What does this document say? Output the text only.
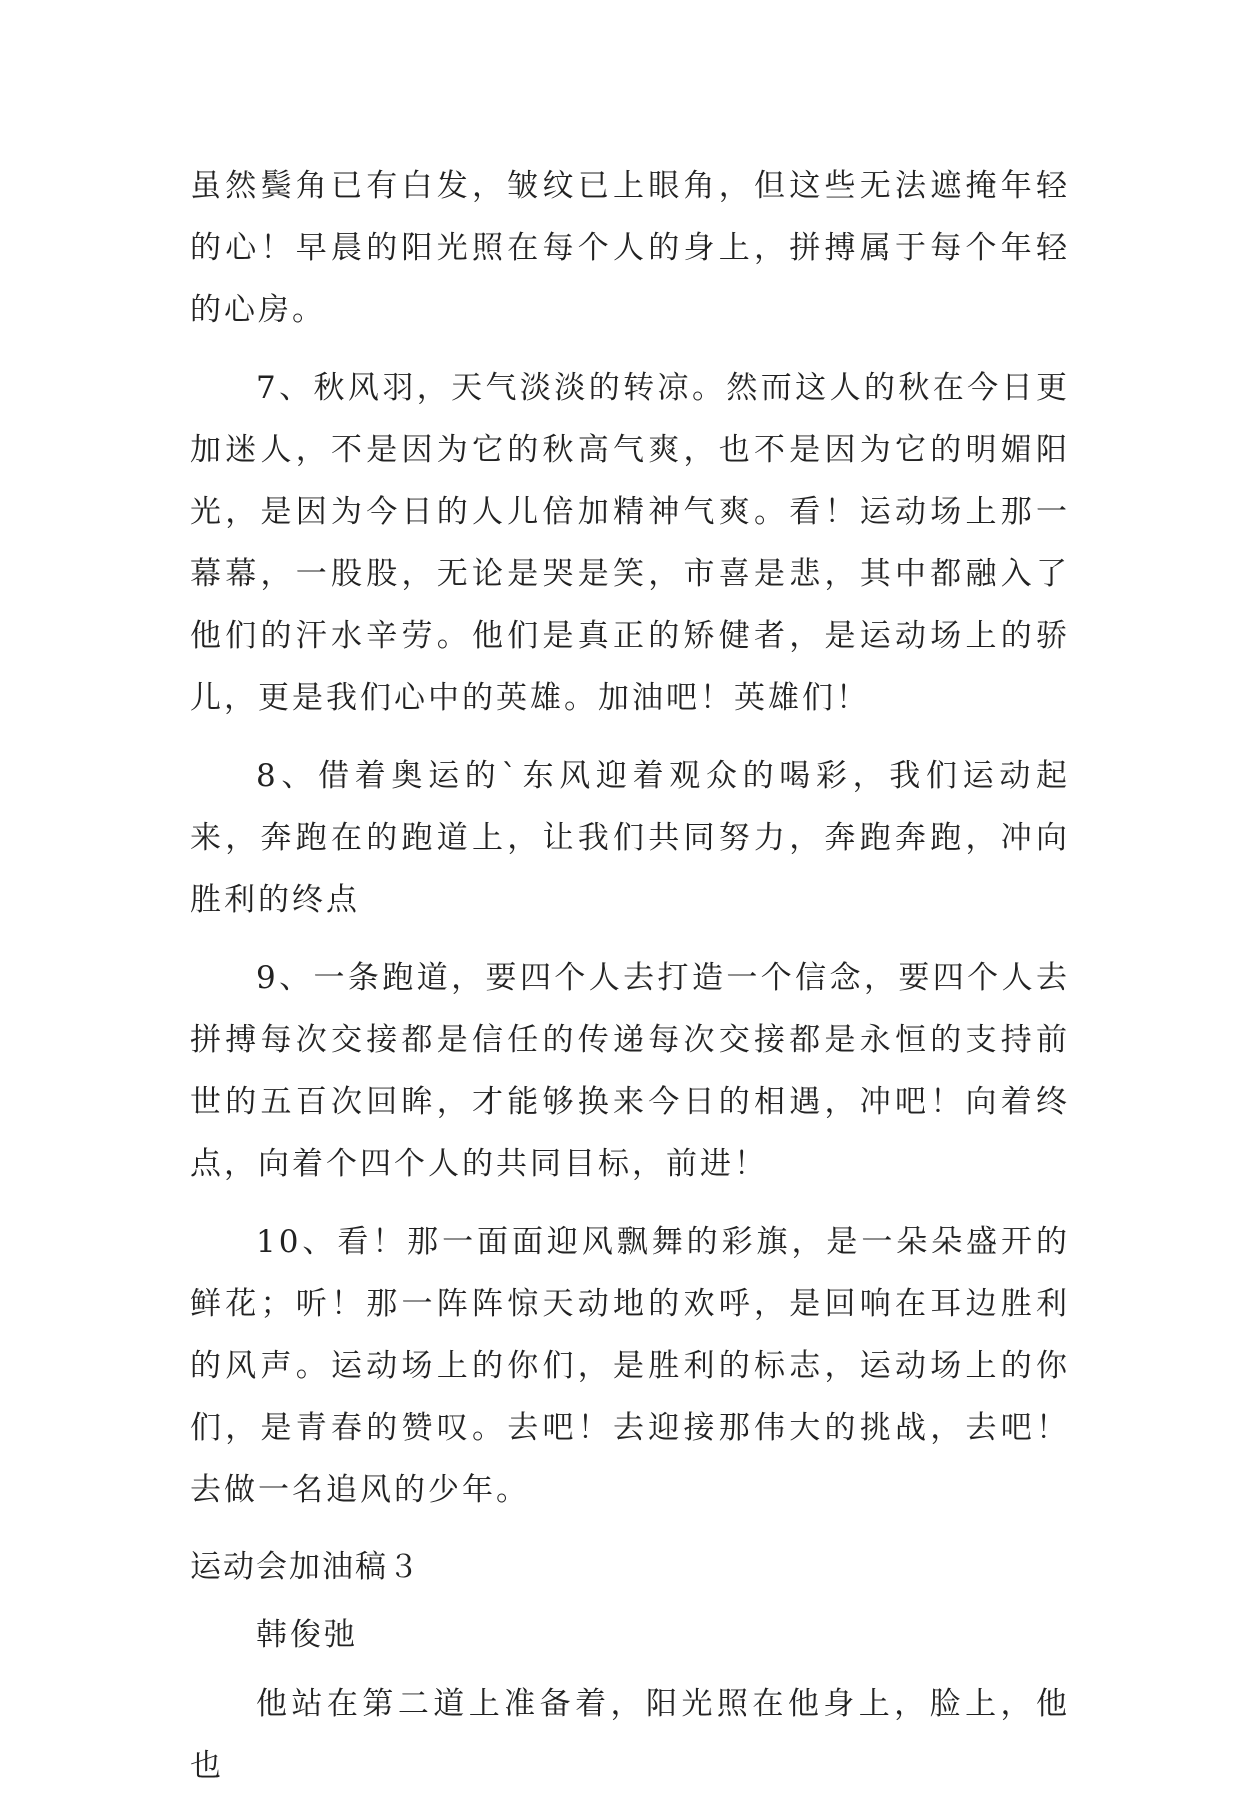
虽然鬓角已有白发，皱纹已上眼角，但这些无法遮掩年轻的心！早晨的阳光照在每个人的身上，拼搏属于每个年轻的心房。

7、秋风羽，天气淡淡的转凉。然而这人的秋在今日更加迷人，不是因为它的秋高气爽，也不是因为它的明媚阳光，是因为今日的人儿倍加精神气爽。看！运动场上那一幕幕，一股股，无论是哭是笑，市喜是悲，其中都融入了他们的汗水辛劳。他们是真正的矫健者，是运动场上的骄儿，更是我们心中的英雄。加油吧！英雄们！

8、借着奥运的`东风迎着观众的喝彩，我们运动起来，奔跑在的跑道上，让我们共同努力，奔跑奔跑，冲向胜利的终点

9、一条跑道，要四个人去打造一个信念，要四个人去拼搏每次交接都是信任的传递每次交接都是永恒的支持前世的五百次回眸，才能够换来今日的相遇，冲吧！向着终点，向着个四个人的共同目标，前进！

10、看！那一面面迎风飘舞的彩旗，是一朵朵盛开的鲜花；听！那一阵阵惊天动地的欢呼，是回响在耳边胜利的风声。运动场上的你们，是胜利的标志，运动场上的你们，是青春的赞叹。去吧！去迎接那伟大的挑战，去吧！去做一名追风的少年。

运动会加油稿３
韩俊弛

他站在第二道上准备着，阳光照在他身上，脸上，他也
